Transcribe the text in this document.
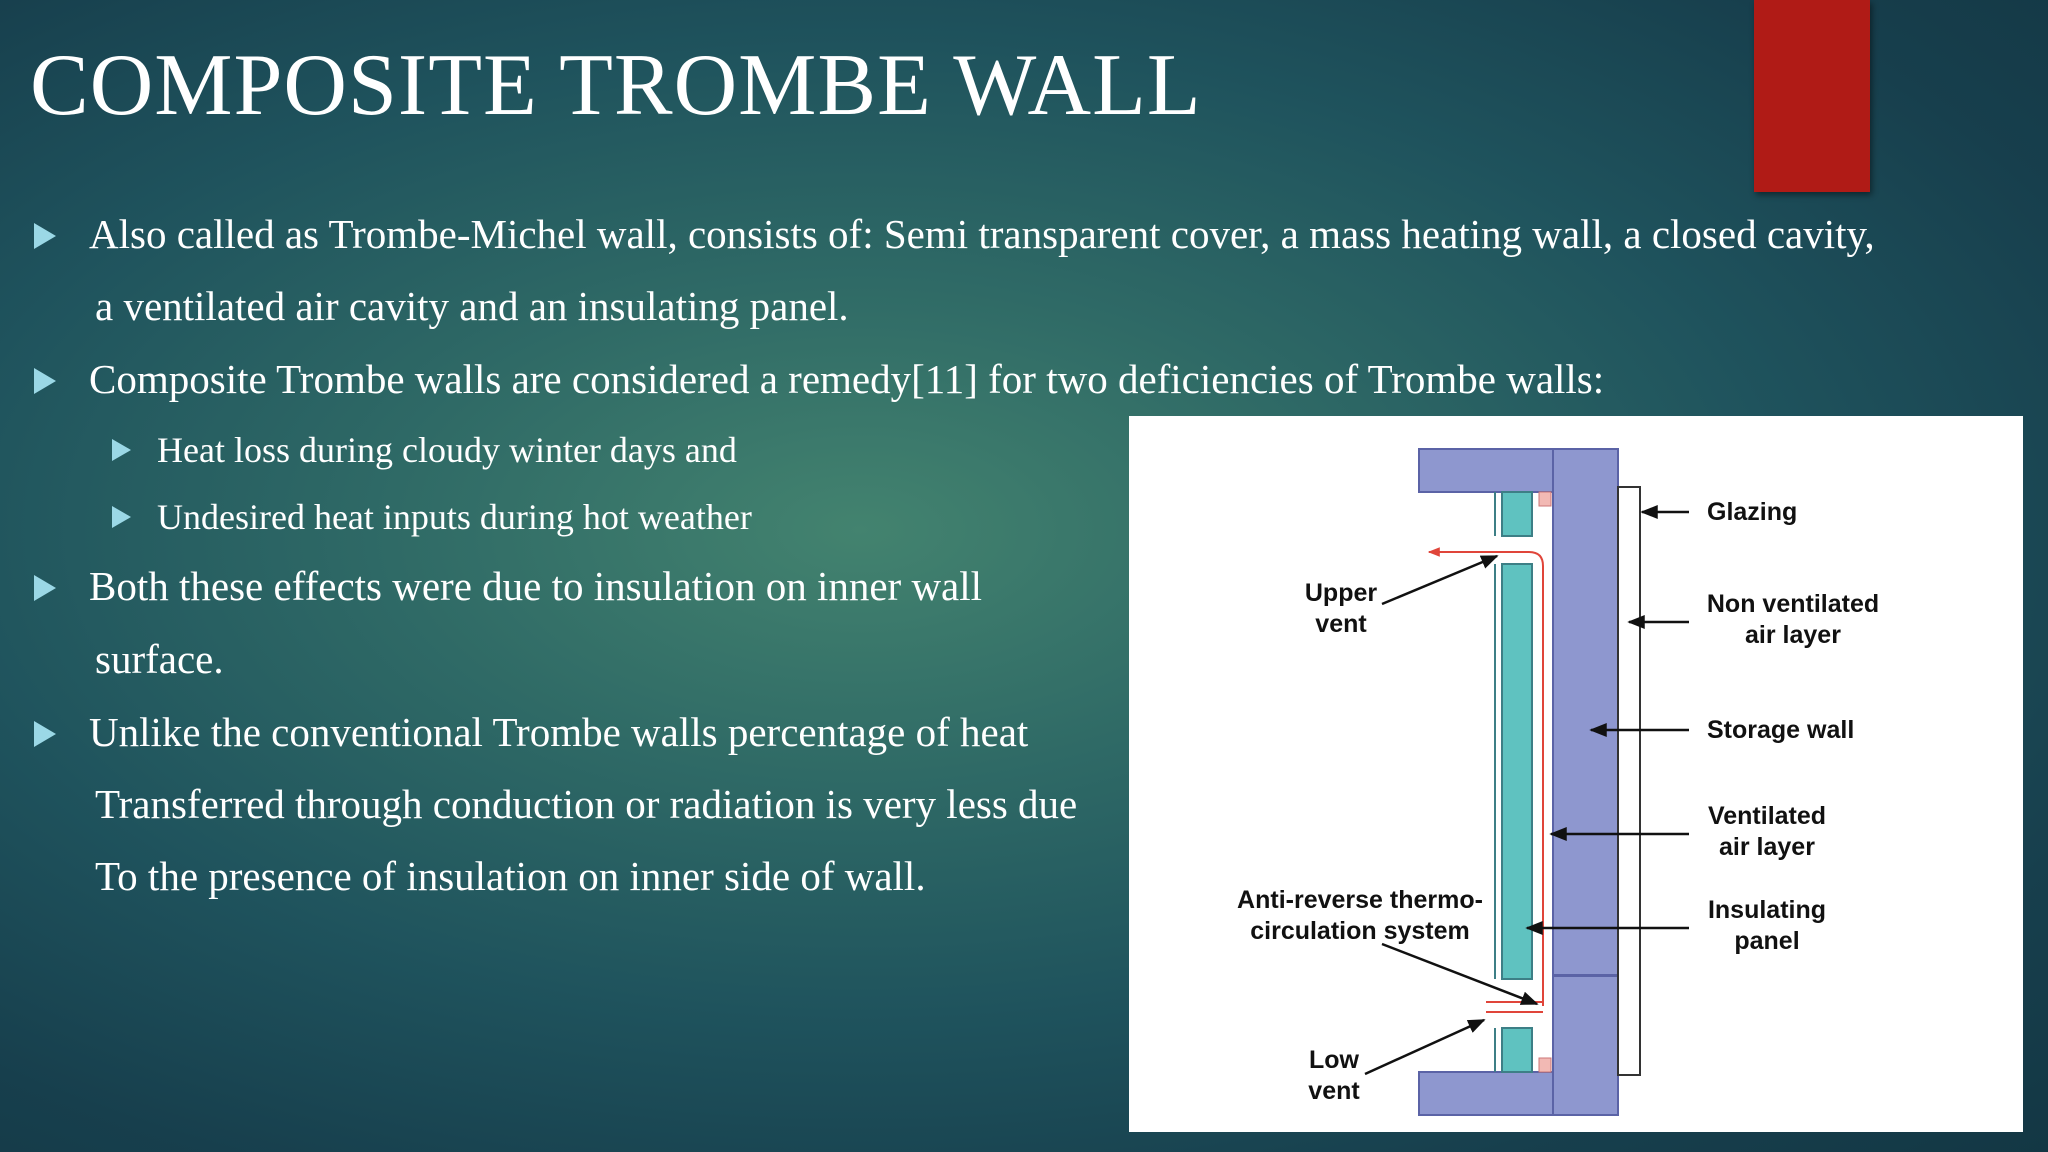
COMPOSITE TROMBE WALL
Also called as Trombe-Michel wall, consists of: Semi transparent cover, a mass heating wall, a closed cavity,
a ventilated air cavity and an insulating panel.
Composite Trombe walls are considered a remedy[11] for two deficiencies of Trombe walls:
Heat loss during cloudy winter days and
Undesired heat inputs during hot weather
Both these effects were due to insulation on inner wall
surface.
Unlike the conventional Trombe walls percentage of heat
Transferred through conduction or radiation is very less due
To the presence of insulation on inner side of wall.
Glazing
Non ventilated
air layer
Storage wall
Ventilated
air layer
Insulating
panel
Upper
vent
Anti-reverse thermo-
circulation system
Low
vent
